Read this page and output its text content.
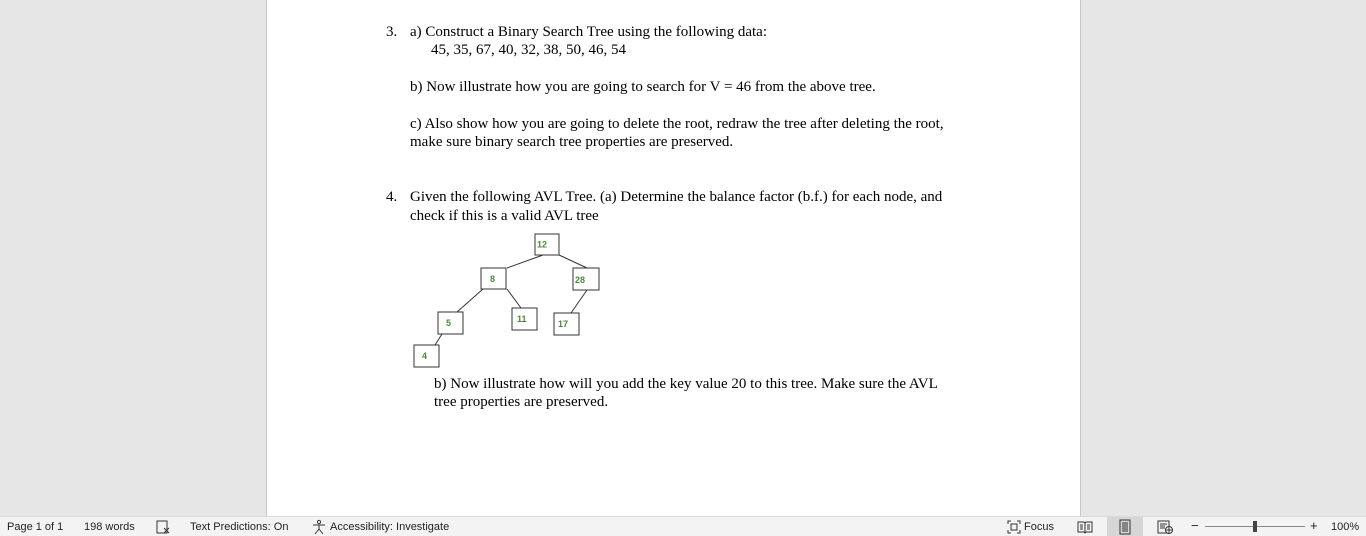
3. a) Construct a Binary Search Tree using the following data:
45, 35, 67, 40, 32, 38, 50, 46, 54
b) Now illustrate how you are going to search for V = 46 from the above tree.
c) Also show how you are going to delete the root, redraw the tree after deleting the root,
make sure binary search tree properties are preserved.
4. Given the following AVL Tree. (a) Determine the balance factor (b.f.) for each node, and
check if this is a valid AVL tree
12
8	28
5	11	17
4
b) Now illustrate how will you add the key value 20 to this tree. Make sure the AVL
tree properties are preserved.
Page 1 of 1 198 words	Text Predictions: On	Accessibility: Investigate	Focus	−	+ 100%
